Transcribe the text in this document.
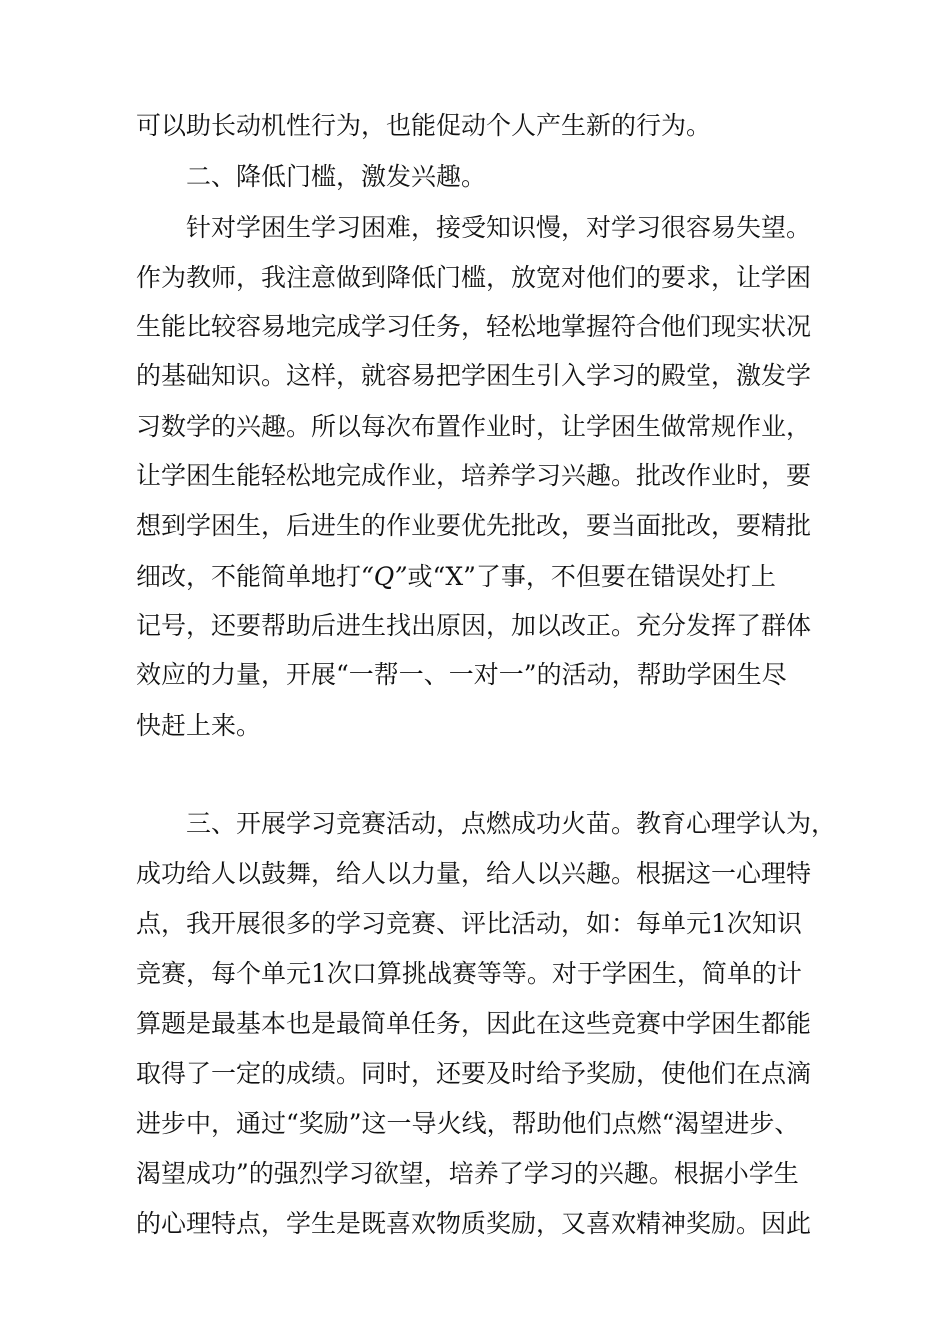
可以助长动机性行为，也能促动个人产生新的行为。
二、降低门槛，激发兴趣。
针对学困生学习困难，接受知识慢，对学习很容易失望。
作为教师，我注意做到降低门槛，放宽对他们的要求，让学困
生能比较容易地完成学习任务，轻松地掌握符合他们现实状况
的基础知识。这样，就容易把学困生引入学习的殿堂，激发学
习数学的兴趣。所以每次布置作业时，让学困生做常规作业，
让学困生能轻松地完成作业，培养学习兴趣。批改作业时，要
想到学困生，后进生的作业要优先批改，要当面批改，要精批
细改，不能简单地打“Q”或“X”了事，不但要在错误处打上
记号，还要帮助后进生找出原因，加以改正。充分发挥了群体
效应的力量，开展“一帮一、一对一”的活动，帮助学困生尽
快赶上来。
三、开展学习竞赛活动，点燃成功火苗。教育心理学认为，
成功给人以鼓舞，给人以力量，给人以兴趣。根据这一心理特
点，我开展很多的学习竞赛、评比活动，如：每单元1次知识
竞赛，每个单元1次口算挑战赛等等。对于学困生，简单的计
算题是最基本也是最简单任务，因此在这些竞赛中学困生都能
取得了一定的成绩。同时，还要及时给予奖励，使他们在点滴
进步中，通过“奖励”这一导火线，帮助他们点燃“渴望进步、
渴望成功”的强烈学习欲望，培养了学习的兴趣。根据小学生
的心理特点，学生是既喜欢物质奖励，又喜欢精神奖励。因此
